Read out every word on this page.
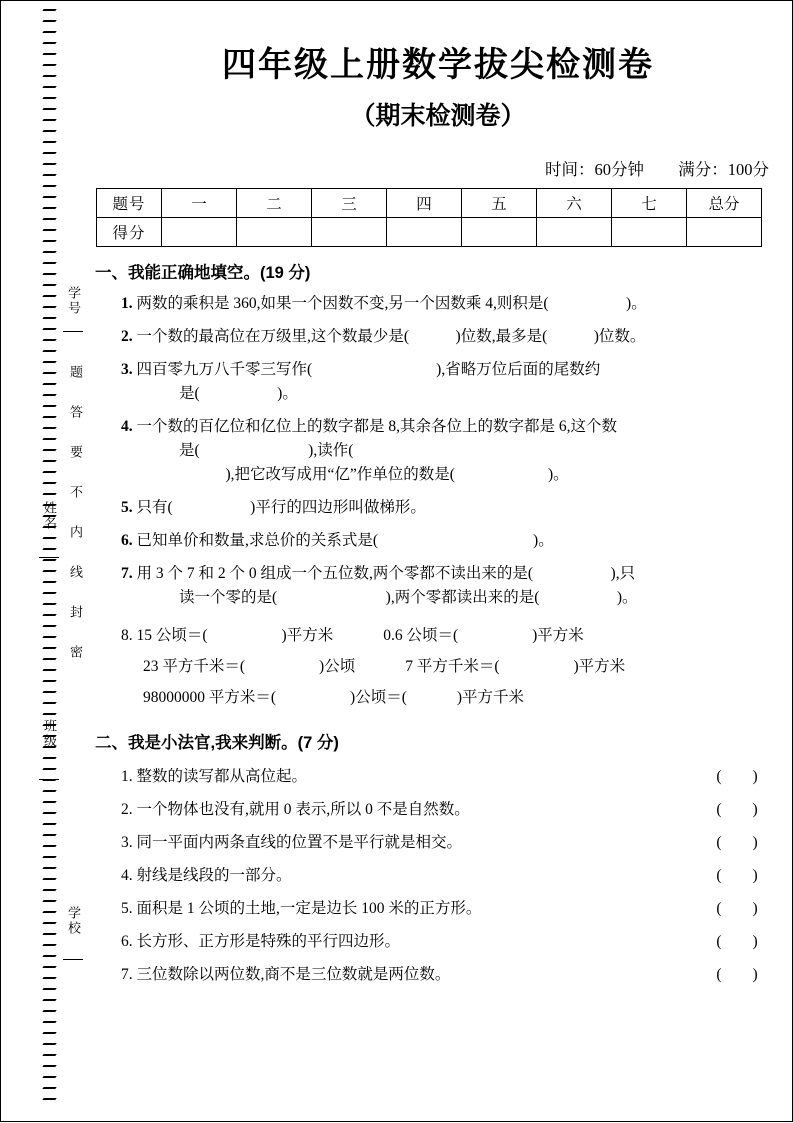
学号
题 答 要 不 内 线 封 密
姓名
班级
学校
四年级上册数学拔尖检测卷
（期末检测卷）
时间：60分钟 满分：100分
题号	一	二	三	四	五	六	七	总分
得分								
一、我能正确地填空。(19 分)
1. 两数的乘积是 360,如果一个因数不变,另一个因数乘 4,则积是(　　　　　)。
2. 一个数的最高位在万级里,这个数最少是(　　　)位数,最多是(　　　)位数。
3. 四百零九万八千零三写作(　　　　　　　　),省略万位后面的尾数约
是(　　　　　)。
4. 一个数的百亿位和亿位上的数字都是 8,其余各位上的数字都是 6,这个数
是(　　　　　　　),读作(
　　　),把它改写成用“亿”作单位的数是(　　　　　　)。
5. 只有(　　　　　)平行的四边形叫做梯形。
6. 已知单价和数量,求总价的关系式是(　　　　　　　　　　)。
7. 用 3 个 7 和 2 个 0 组成一个五位数,两个零都不读出来的是(　　　　　),只
读一个零的是(　　　　　　　),两个零都读出来的是(　　　　　)。
8. 15 公顷＝(	)平方米	0.6 公顷＝(	)平方米
23 平方千米＝(	)公顷	7 平方千米＝(	)平方米
98000000 平方米＝(	)公顷＝(	)平方千米
二、我是小法官,我来判断。(7 分)
1. 整数的读写都从高位起。	(　　)
2. 一个物体也没有,就用 0 表示,所以 0 不是自然数。	(　　)
3. 同一平面内两条直线的位置不是平行就是相交。	(　　)
4. 射线是线段的一部分。	(　　)
5. 面积是 1 公顷的土地,一定是边长 100 米的正方形。	(　　)
6. 长方形、正方形是特殊的平行四边形。	(　　)
7. 三位数除以两位数,商不是三位数就是两位数。	(　　)
